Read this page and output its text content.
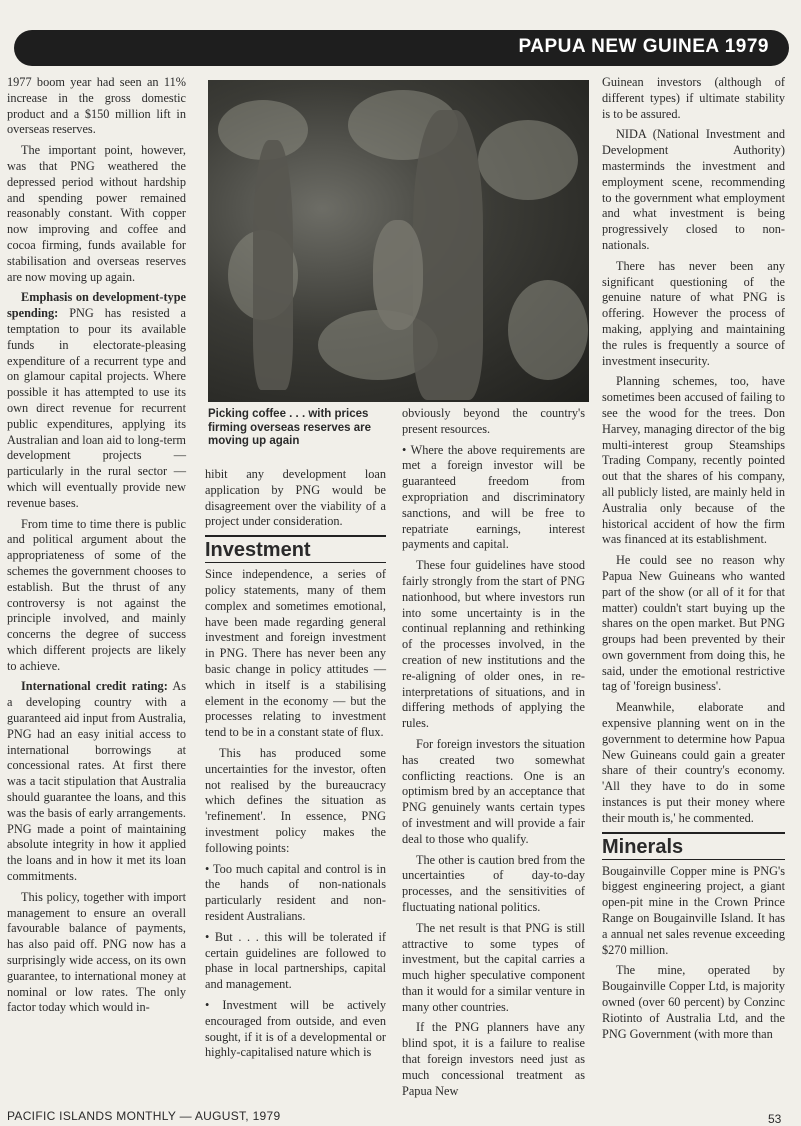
PAPUA NEW GUINEA 1979

1977 boom year had seen an 11% increase in the gross domestic product and a $150 million lift in overseas reserves.

The important point, however, was that PNG weathered the depressed period without hardship and spending power remained reasonably constant. With copper now improving and coffee and cocoa firming, funds available for stabilisation and overseas reserves are now moving up again.

Emphasis on development-type spending: PNG has resisted a temptation to pour its available funds in electorate-pleasing expenditure of a recurrent type and on glamour capital projects. Where possible it has attempted to use its own direct revenue for recurrent public expenditures, applying its Australian and loan aid to long-term development projects — particularly in the rural sector — which will eventually provide new revenue bases.

From time to time there is public and political argument about the appropriateness of some of the schemes the government chooses to establish. But the thrust of any controversy is not against the principle involved, and mainly concerns the degree of success which different projects are likely to achieve.

International credit rating: As a developing country with a guaranteed aid input from Australia, PNG had an easy initial access to international borrowings at concessional rates. At first there was a tacit stipulation that Australia should guarantee the loans, and this was the basis of early arrangements. PNG made a point of maintaining absolute integrity in how it applied the loans and in how it met its loan commitments.

This policy, together with import management to ensure an overall favourable balance of payments, has also paid off. PNG now has a surprisingly wide access, on its own guarantee, to international money at nominal or low rates. The only factor today which would in-

Picking coffee . . . with prices firming overseas reserves are moving up again

hibit any development loan application by PNG would be disagreement over the viability of a project under consideration.

Investment

Since independence, a series of policy statements, many of them complex and sometimes emotional, have been made regarding general investment and foreign investment in PNG. There has never been any basic change in policy attitudes — which in itself is a stabilising element in the economy — but the processes relating to investment tend to be in a constant state of flux.

This has produced some uncertainties for the investor, often not realised by the bureaucracy which defines the situation as 'refinement'. In essence, PNG investment policy makes the following points:

• Too much capital and control is in the hands of non-nationals particularly resident and non-resident Australians.

• But . . . this will be tolerated if certain guidelines are followed to phase in local partnerships, capital and management.

• Investment will be actively encouraged from outside, and even sought, if it is of a developmental or highly-capitalised nature which is

obviously beyond the country's present resources.

• Where the above requirements are met a foreign investor will be guaranteed freedom from expropriation and discriminatory sanctions, and will be free to repatriate earnings, interest payments and capital.

These four guidelines have stood fairly strongly from the start of PNG nationhood, but where investors run into some uncertainty is in the continual replanning and rethinking of the processes involved, in the creation of new institutions and the re-aligning of older ones, in re-interpretations of situations, and in differing methods of applying the rules.

For foreign investors the situation has created two somewhat conflicting reactions. One is an optimism bred by an acceptance that PNG genuinely wants certain types of investment and will provide a fair deal to those who qualify.

The other is caution bred from the uncertainties of day-to-day processes, and the sensitivities of fluctuating national politics.

The net result is that PNG is still attractive to some types of investment, but the capital carries a much higher speculative component than it would for a similar venture in many other countries.

If the PNG planners have any blind spot, it is a failure to realise that foreign investors need just as much concessional treatment as Papua New

Guinean investors (although of different types) if ultimate stability is to be assured.

NIDA (National Investment and Development Authority) masterminds the investment and employment scene, recommending to the government what employment and what investment is being progressively closed to non-nationals.

There has never been any significant questioning of the genuine nature of what PNG is offering. However the process of making, applying and maintaining the rules is frequently a source of investment insecurity.

Planning schemes, too, have sometimes been accused of failing to see the wood for the trees. Don Harvey, managing director of the big multi-interest group Steamships Trading Company, recently pointed out that the shares of his company, all publicly listed, are mainly held in Australia only because of the historical accident of how the firm was financed at its establishment.

He could see no reason why Papua New Guineans who wanted part of the show (or all of it for that matter) couldn't start buying up the shares on the open market. But PNG groups had been prevented by their own government from doing this, he said, under the emotional restrictive tag of 'foreign business'.

Meanwhile, elaborate and expensive planning went on in the government to determine how Papua New Guineans could gain a greater share of their country's economy. 'All they have to do in some instances is put their money where their mouth is,' he commented.

Minerals

Bougainville Copper mine is PNG's biggest engineering project, a giant open-pit mine in the Crown Prince Range on Bougainville Island. It has a annual net sales revenue exceeding $270 million.

The mine, operated by Bougainville Copper Ltd, is majority owned (over 60 percent) by Conzinc Riotinto of Australia Ltd, and the PNG Government (with more than

PACIFIC ISLANDS MONTHLY — AUGUST, 1979	53
